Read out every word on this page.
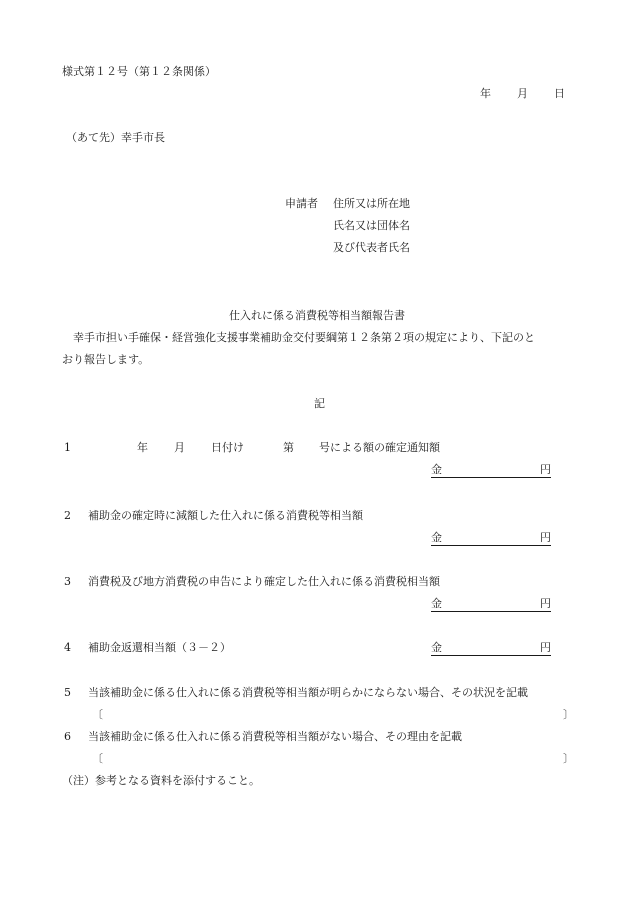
様式第１２号（第１２条関係）
年 月 日
（あて先）幸手市長
申請者 住所又は所在地
氏名又は団体名
及び代表者氏名
仕入れに係る消費税等相当額報告書
幸手市担い手確保・経営強化支援事業補助金交付要綱第１２条第２項の規定により、下記のと
おり報告します。
記
1	年 月 日付け	第 号による額の確定通知額
金	円
2 補助金の確定時に減額した仕入れに係る消費税等相当額
金	円
3 消費税及び地方消費税の申告により確定した仕入れに係る消費税相当額
金	円
4 補助金返還相当額（３－２）	金	円
5 当該補助金に係る仕入れに係る消費税等相当額が明らかにならない場合、その状況を記載
〔	〕
6 当該補助金に係る仕入れに係る消費税等相当額がない場合、その理由を記載
〔	〕
（注）参考となる資料を添付すること。
